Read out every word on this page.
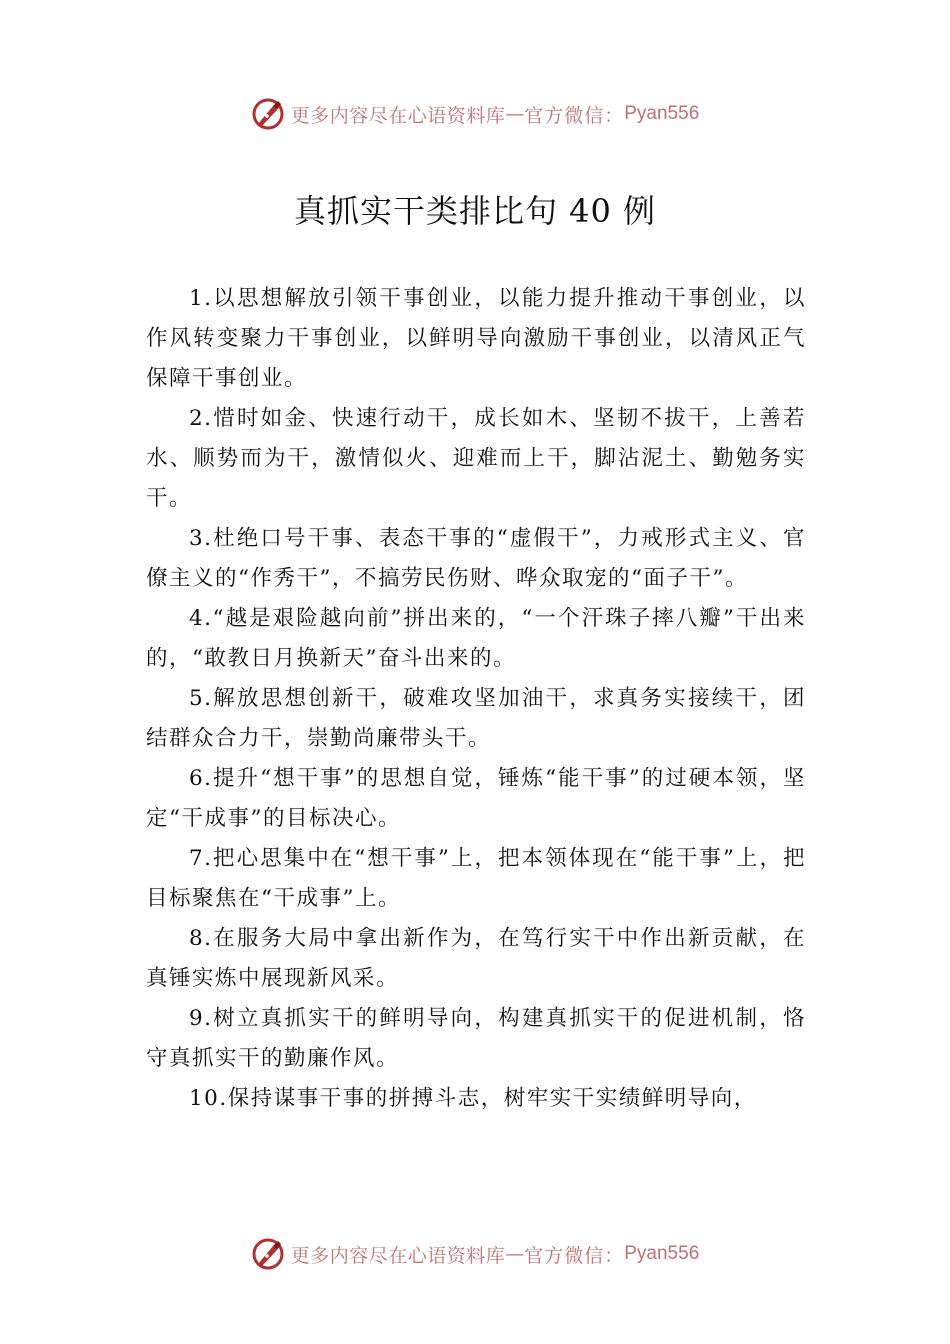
更多内容尽在心语资料库 — 官方微信： Pyan556
真抓实干类排比句 40 例

1.以思想解放引领干事创业，以能力提升推动干事创业，以作风转变聚力干事创业，以鲜明导向激励干事创业，以清风正气保障干事创业。

2.惜时如金、快速行动干，成长如木、坚韧不拔干，上善若水、顺势而为干，激情似火、迎难而上干，脚沾泥土、勤勉务实干。

3.杜绝口号干事、表态干事的“虚假干”，力戒形式主义、官僚主义的“作秀干”，不搞劳民伤财、哗众取宠的“面子干”。

4.“越是艰险越向前”拼出来的，“一个汗珠子摔八瓣”干出来的，“敢教日月换新天”奋斗出来的。

5.解放思想创新干，破难攻坚加油干，求真务实接续干，团结群众合力干，崇勤尚廉带头干。

6.提升“想干事”的思想自觉，锤炼“能干事”的过硬本领，坚定“干成事”的目标决心。

7.把心思集中在“想干事”上，把本领体现在“能干事”上，把目标聚焦在“干成事”上。

8.在服务大局中拿出新作为，在笃行实干中作出新贡献，在真锤实炼中展现新风采。

9.树立真抓实干的鲜明导向，构建真抓实干的促进机制，恪守真抓实干的勤廉作风。

10.保持谋事干事的拼搏斗志，树牢实干实绩鲜明导向，

更多内容尽在心语资料库 — 官方微信： Pyan556
